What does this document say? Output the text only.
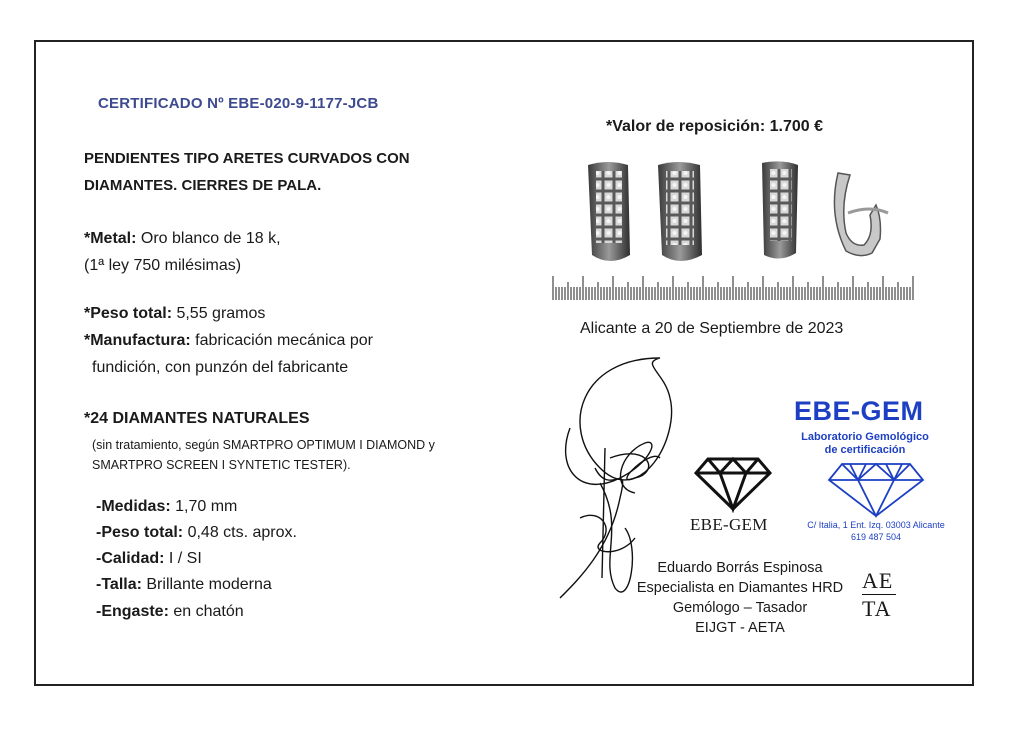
CERTIFICADO Nº EBE-020-9-1177-JCB
PENDIENTES TIPO ARETES CURVADOS CON
DIAMANTES. CIERRES DE PALA.
*Metal: Oro blanco de 18 k,
(1ª ley 750 milésimas)
*Peso total: 5,55 gramos
*Manufactura: fabricación mecánica por
fundición, con punzón del fabricante
*24 DIAMANTES NATURALES
(sin tratamiento, según SMARTPRO OPTIMUM I DIAMOND y
SMARTPRO SCREEN I SYNTETIC TESTER).
-Medidas: 1,70 mm
-Peso total: 0,48 cts. aprox.
-Calidad: I / SI
-Talla: Brillante moderna
-Engaste: en chatón
*Valor de reposición: 1.700 €
Alicante a 20 de Septiembre de 2023
EBE-GEM
EBE-GEM
Laboratorio Gemológico
de certificación
C/ Italia, 1 Ent. Izq. 03003 Alicante
619 487 504
Eduardo Borrás Espinosa
Especialista en Diamantes HRD
Gemólogo – Tasador
EIJGT - AETA
AE
TA
